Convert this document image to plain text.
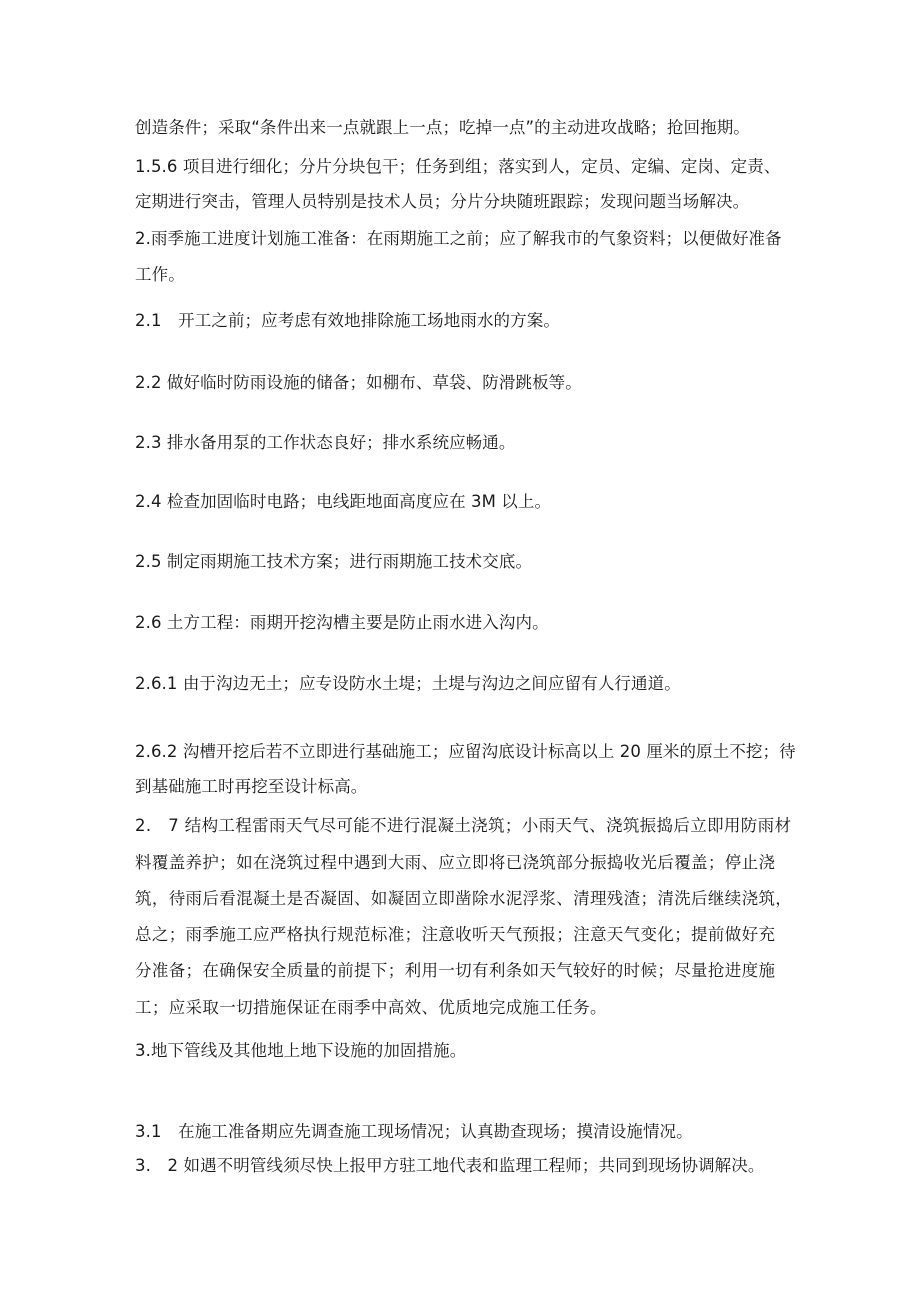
创造条件；采取“条件出来一点就跟上一点；吃掉一点”的主动进攻战略；抢回拖期。

1.5.6 项目进行细化；分片分块包干；任务到组；落实到人，定员、定编、定岗、定责、

定期进行突击，管理人员特别是技术人员；分片分块随班跟踪；发现问题当场解决。

2.雨季施工进度计划施工准备：在雨期施工之前；应了解我市的气象资料；以便做好准备

工作。

2.1　开工之前；应考虑有效地排除施工场地雨水的方案。

2.2 做好临时防雨设施的储备；如棚布、草袋、防滑跳板等。

2.3 排水备用泵的工作状态良好；排水系统应畅通。

2.4 检查加固临时电路；电线距地面高度应在 3M 以上。

2.5 制定雨期施工技术方案；进行雨期施工技术交底。

2.6 土方工程：雨期开挖沟槽主要是防止雨水进入沟内。

2.6.1 由于沟边无土；应专设防水土堤；土堤与沟边之间应留有人行通道。

2.6.2 沟槽开挖后若不立即进行基础施工；应留沟底设计标高以上 20 厘米的原土不挖；待

到基础施工时再挖至设计标高。

2.　7 结构工程雷雨天气尽可能不进行混凝土浇筑；小雨天气、浇筑振捣后立即用防雨材

料覆盖养护；如在浇筑过程中遇到大雨、应立即将已浇筑部分振捣收光后覆盖；停止浇

筑，待雨后看混凝土是否凝固、如凝固立即凿除水泥浮浆、清理残渣；清洗后继续浇筑，

总之；雨季施工应严格执行规范标准；注意收听天气预报；注意天气变化；提前做好充

分准备；在确保安全质量的前提下；利用一切有利条如天气较好的时候；尽量抢进度施

工；应采取一切措施保证在雨季中高效、优质地完成施工任务。

3.地下管线及其他地上地下设施的加固措施。

3.1　在施工准备期应先调查施工现场情况；认真勘查现场；摸清设施情况。

3.　2 如遇不明管线须尽快上报甲方驻工地代表和监理工程师；共同到现场协调解决。
